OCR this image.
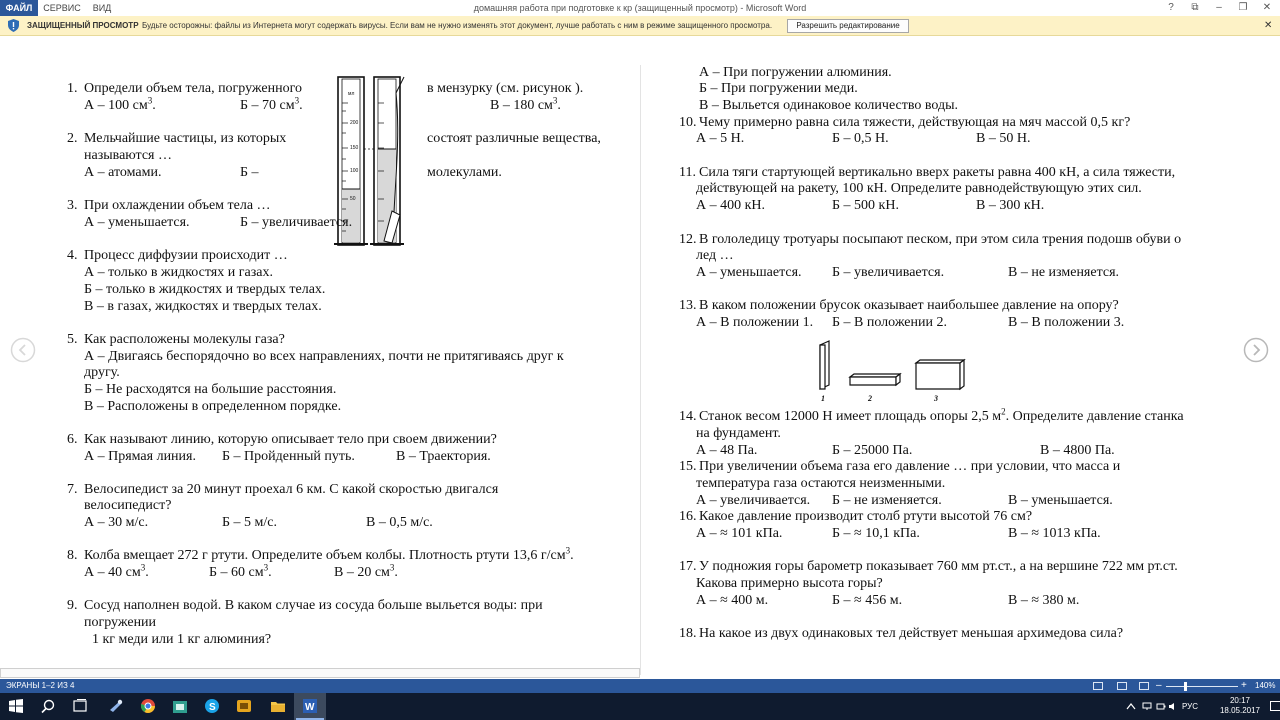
домашняя работа при подготовке к кр (защищенный просмотр) - Microsoft Word
ФАЙЛ	СЕРВИС	ВИД	?	⧉	–	❐	✕
ЗАЩИЩЕННЫЙ ПРОСМОТР Будьте осторожны: файлы из Интернета могут содержать вирусы. Если вам не нужно изменять этот документ, лучше работать с ним в режиме защищенного просмотра.	Разрешить редактирование	✕
мл
200
150
100
50
1. Определи объем тела, погруженного	в мензурку (см. рисунок ).
А – 100 $см^3$.	Б – 70 $см^3$.	В – 180 $см^3$.
2. Мельчайшие частицы, из которых	состоят различные вещества,
называются …
А – атомами.	Б –	молекулами.
3. При охлаждении объем тела …
А – уменьшается.	Б – увеличивается.
4. Процесс диффузии происходит …
А – только в жидкостях и газах.
Б – только в жидкостях и твердых телах.
В – в газах, жидкостях и твердых телах.
5. Как расположены молекулы газа?
А – Двигаясь беспорядочно во всех направлениях, почти не притягиваясь друг к
другу.
Б – Не расходятся на большие расстояния.
В – Расположены в определенном порядке.
6. Как называют линию, которую описывает тело при своем движении?
А – Прямая линия. Б – Пройденный путь.	В – Траектория.
7. Велосипедист за 20 минут проехал 6 км. С какой скоростью двигался
велосипедист?
А – 30 м/с.	Б – 5 м/с.	В – 0,5 м/с.
8. Колба вмещает 272 г ртути. Определите объем колбы. Плотность ртути 13,6 $г/см^3$.
А – 40 $см^3$.	Б – 60 $см^3$.	В – 20 $см^3$.
9. Сосуд наполнен водой. В каком случае из сосуда больше выльется воды: при
погружении
1 кг меди или 1 кг алюминия?
А – При погружении алюминия.
Б – При погружении меди.
В – Выльется одинаковое количество воды.
10. Чему примерно равна сила тяжести, действующая на мяч массой 0,5 кг?
А – 5 Н.	Б – 0,5 Н.	В – 50 Н.
11. Сила тяги стартующей вертикально вверх ракеты равна 400 кН, а сила тяжести,
действующей на ракету, 100 кН. Определите равнодействующую этих сил.
А – 400 кН.	Б – 500 кН.	В – 300 кН.
12. В гололедицу тротуары посыпают песком, при этом сила трения подошв обуви о
лед …
А – уменьшается. Б – увеличивается.	В – не изменяется.
13. В каком положении брусок оказывает наибольшее давление на опору?
А – В положении 1. Б – В положении 2.	В – В положении 3.
1	2	3
14. Станок весом 12000 Н имеет площадь опоры 2,5 $м^2$. Определите давление станка
на фундамент.
А – 48 Па.	Б – 25000 Па.	В – 4800 Па.
15. При увеличении объема газа его давление … при условии, что масса и
температура газа остаются неизменными.
А – увеличивается. Б – не изменяется.	В – уменьшается.
16. Какое давление производит столб ртути высотой 76 см?
А – ≈ 101 кПа.	Б – ≈ 10,1 кПа.	В – ≈ 1013 кПа.
17. У подножия горы барометр показывает 760 мм рт.ст., а на вершине 722 мм рт.ст.
Какова примерно высота горы?
А – ≈ 400 м.	Б – ≈ 456 м.	В – ≈ 380 м.
18. На какое из двух одинаковых тел действует меньшая архимедова сила?
ЭКРАНЫ 1–2 ИЗ 4	–	+ 140%
S	W	РУС
20:17
18.05.2017
